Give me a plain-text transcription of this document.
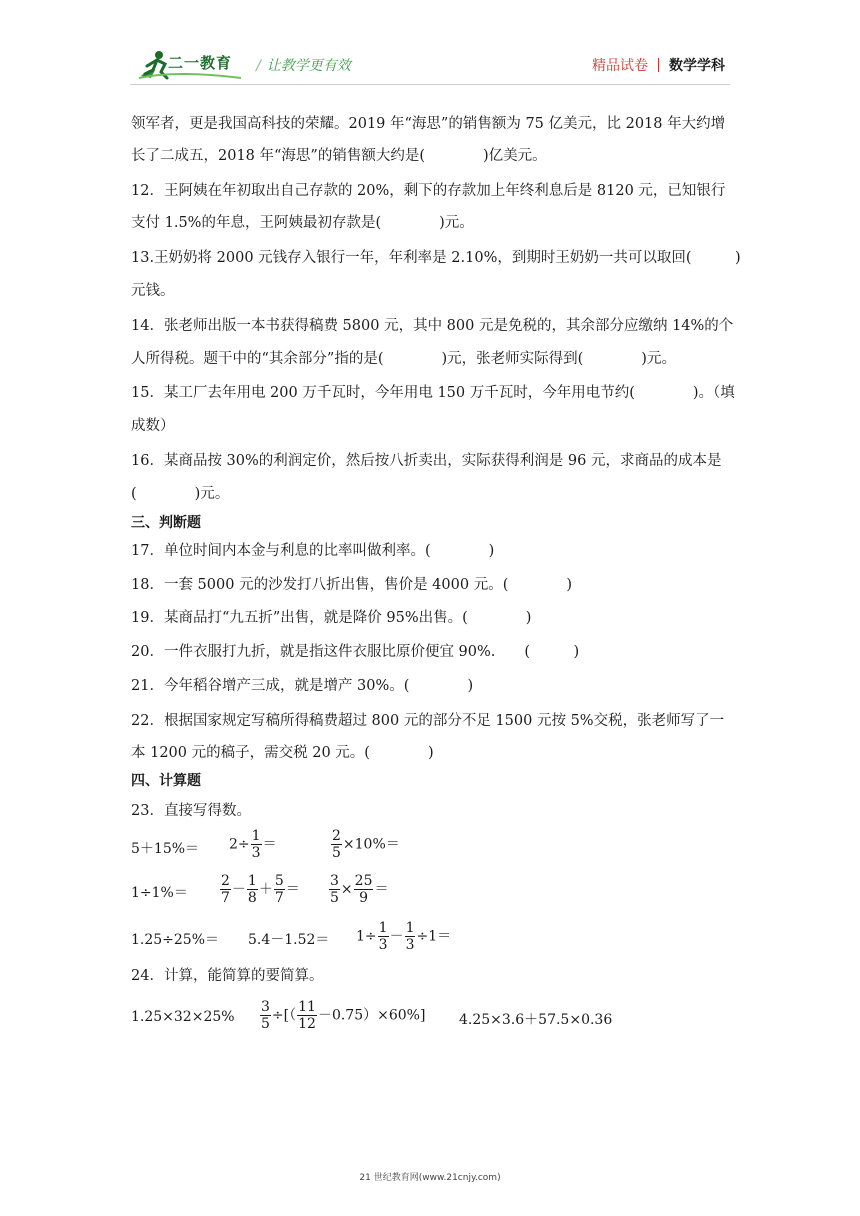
二一教育 / 让教学更有效	精品试卷 数学学科
领军者，更是我国高科技的荣耀。2019 年“海思”的销售额为 75 亿美元，比 2018 年大约增
长了二成五，2018 年“海思”的销售额大约是(　　　　)亿美元。
12．王阿姨在年初取出自己存款的 20%，剩下的存款加上年终利息后是 8120 元，已知银行
支付 1.5%的年息，王阿姨最初存款是(　　　　)元。
13.王奶奶将 2000 元钱存入银行一年，年利率是 2.10%，到期时王奶奶一共可以取回(　　　)
元钱。
14．张老师出版一本书获得稿费 5800 元，其中 800 元是免税的，其余部分应缴纳 14%的个
人所得税。题干中的“其余部分”指的是(　　　　)元，张老师实际得到(　　　　)元。
15．某工厂去年用电 200 万千瓦时，今年用电 150 万千瓦时，今年用电节约(　　　　)。（填
成数）
16．某商品按 30%的利润定价，然后按八折卖出，实际获得利润是 96 元，求商品的成本是
(　　　　)元。
三、判断题
17．单位时间内本金与利息的比率叫做利率。(　　　　)
18．一套 5000 元的沙发打八折出售，售价是 4000 元。(　　　　)
19．某商品打“九五折”出售，就是降价 95%出售。(　　　　)
20．一件衣服打九折，就是指这件衣服比原价便宜 90%.　　(　　　)
21．今年稻谷增产三成，就是增产 30%。(　　　　)
22．根据国家规定写稿所得稿费超过 800 元的部分不足 1500 元按 5%交税，张老师写了一
本 1200 元的稿子，需交税 20 元。(　　　　)
四、计算题
23．直接写得数。
$5+15\%= 2\div \frac{1}{3}$ ＝	$\frac{2}{5} \times 10\%=$
$1\div 1\%= \frac{2}{7} - \frac{1}{8} + \frac{5}{7} = \frac{3}{5} \times \frac{25}{9}$ ＝
$1.25\div 25\%= 5.4-1.52= 1\div \frac{1}{3} - \frac{1}{3} \div 1=$
24．计算，能简算的要简算。
$1.25\times 32\times 25\% \frac{3}{5}$ ÷[（ $\frac{11}{12} -0.75)\times 60\%$] 4.25×3.6＋57.5×0.36
21 世纪教育网(www.21cnjy.com)
